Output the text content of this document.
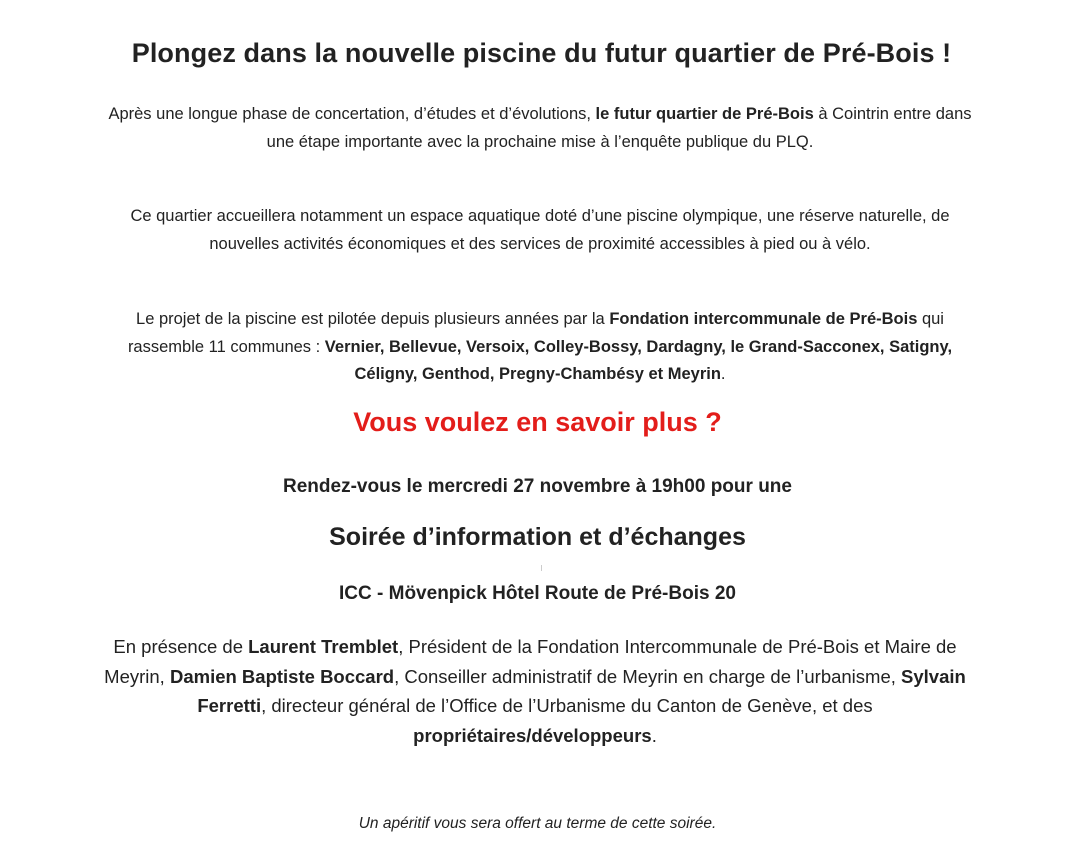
Plongez dans la nouvelle piscine du futur quartier de Pré-Bois !
Après une longue phase de concertation, d’études et d’évolutions, le futur quartier de Pré-Bois à Cointrin entre dans une étape importante avec la prochaine mise à l’enquête publique du PLQ.
Ce quartier accueillera notamment un espace aquatique doté d’une piscine olympique, une réserve naturelle, de nouvelles activités économiques et des services de proximité accessibles à pied ou à vélo.
Le projet de la piscine est pilotée depuis plusieurs années par la Fondation intercommunale de Pré-Bois qui rassemble 11 communes : Vernier, Bellevue, Versoix, Colley-Bossy, Dardagny, le Grand-Sacconex, Satigny, Céligny, Genthod, Pregny-Chambésy et Meyrin.
Vous voulez en savoir plus ?
Rendez-vous le mercredi 27 novembre à 19h00 pour une
Soirée d’information et d’échanges
ICC - Mövenpick Hôtel Route de Pré-Bois 20
En présence de Laurent Tremblet, Président de la Fondation Intercommunale de Pré-Bois et Maire de Meyrin, Damien Baptiste Boccard, Conseiller administratif de Meyrin en charge de l’urbanisme, Sylvain Ferretti, directeur général de l’Office de l’Urbanisme du Canton de Genève, et des propriétaires/développeurs.
Un apéritif vous sera offert au terme de cette soirée.
